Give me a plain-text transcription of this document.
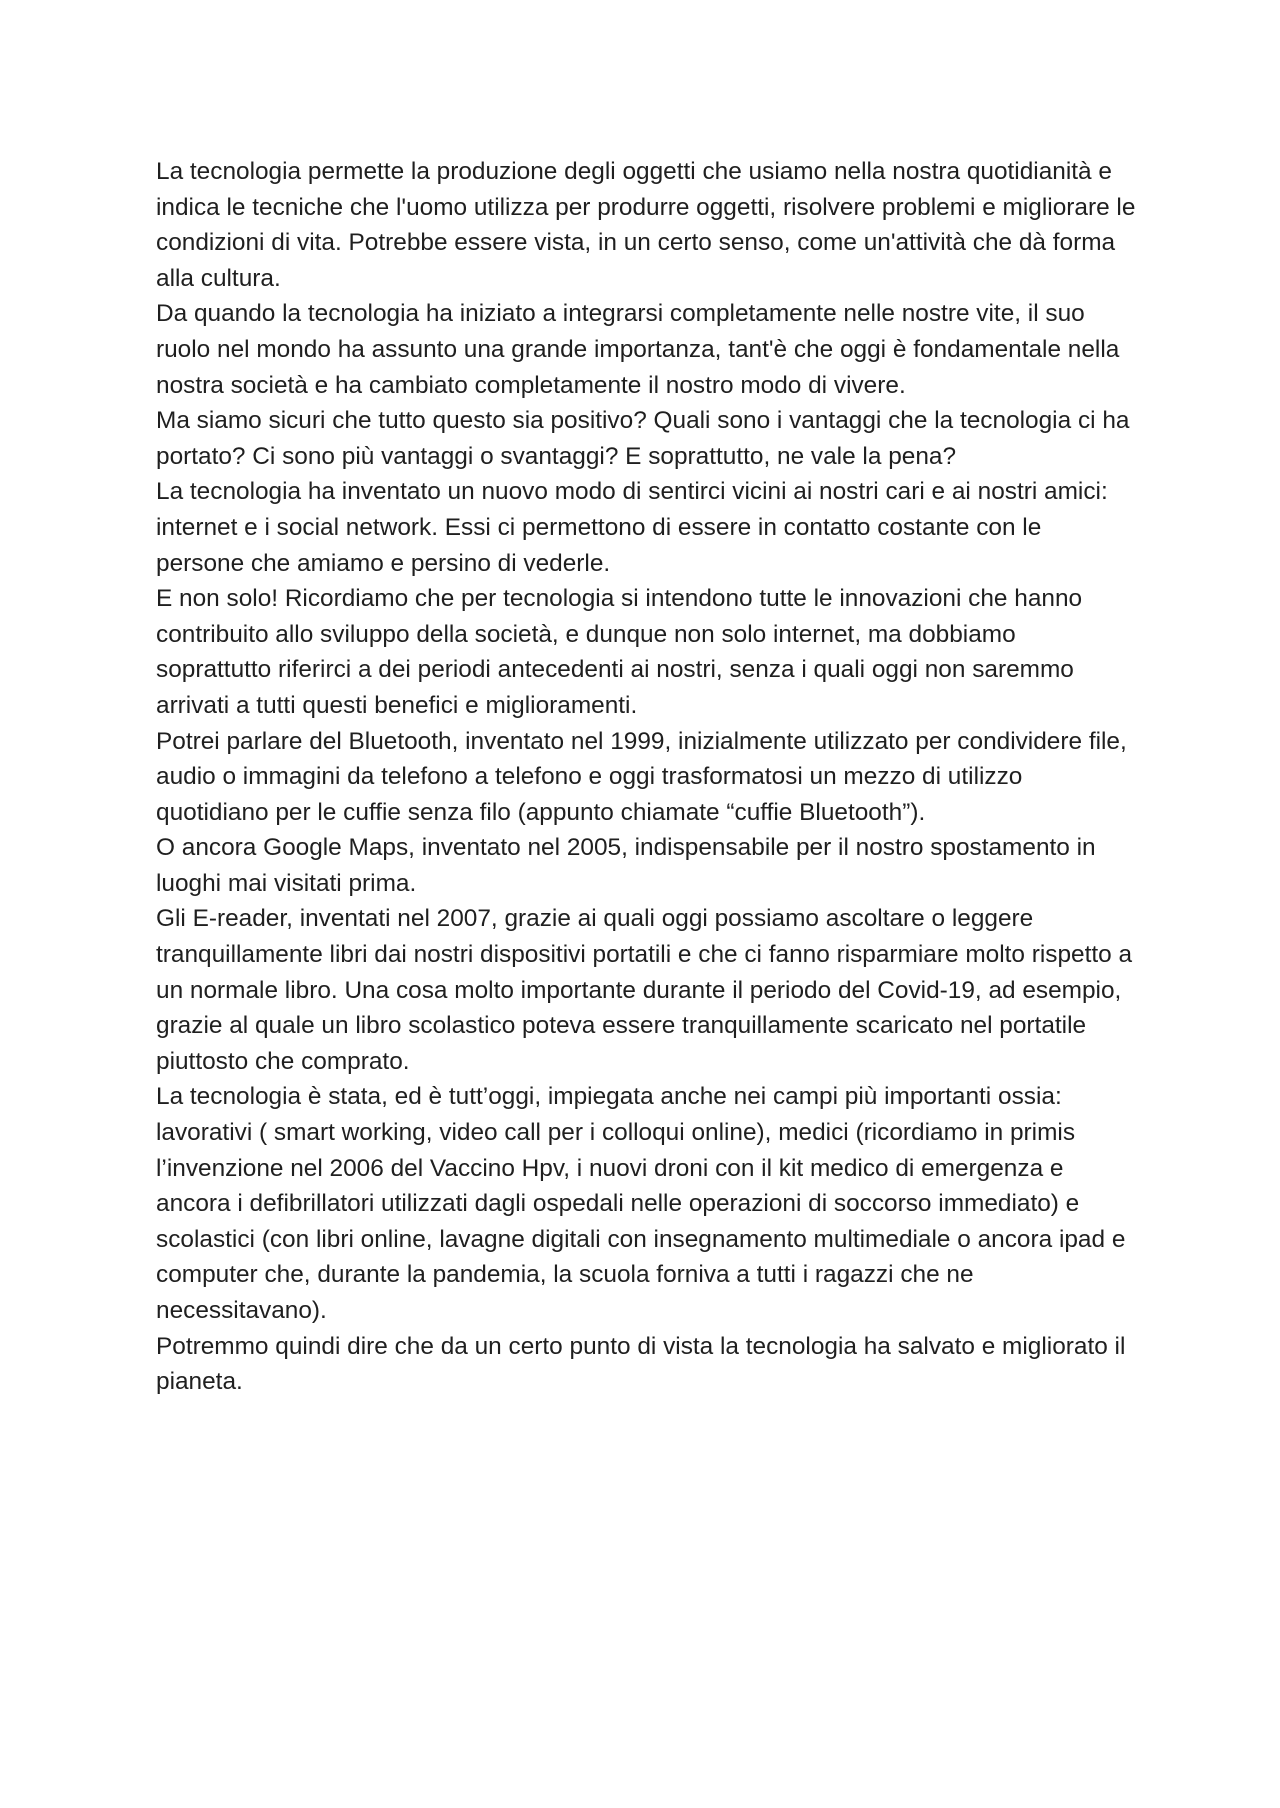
La tecnologia permette la produzione degli oggetti che usiamo nella nostra quotidianità e indica le tecniche che l'uomo utilizza per produrre oggetti, risolvere problemi e migliorare le condizioni di vita. Potrebbe essere vista, in un certo senso, come un'attività che dà forma alla cultura.

Da quando la tecnologia ha iniziato a integrarsi completamente nelle nostre vite, il suo ruolo nel mondo ha assunto una grande importanza, tant'è che oggi è fondamentale nella nostra società e ha cambiato completamente il nostro modo di vivere.

Ma siamo sicuri che tutto questo sia positivo? Quali sono i vantaggi che la tecnologia ci ha portato? Ci sono più vantaggi o svantaggi? E soprattutto, ne vale la pena?

La tecnologia ha inventato un nuovo modo di sentirci vicini ai nostri cari e ai nostri amici: internet e i social network. Essi ci permettono di essere in contatto costante con le persone che amiamo e persino di vederle.

E non solo! Ricordiamo che per tecnologia si intendono tutte le innovazioni che hanno contribuito allo sviluppo della società, e dunque non solo internet, ma dobbiamo soprattutto riferirci a dei periodi antecedenti ai nostri, senza i quali oggi non saremmo arrivati a tutti questi benefici e miglioramenti.

Potrei parlare del Bluetooth, inventato nel 1999, inizialmente utilizzato per condividere file, audio o immagini da telefono a telefono e oggi trasformatosi un mezzo di utilizzo quotidiano per le cuffie senza filo (appunto chiamate “cuffie Bluetooth”).

O ancora Google Maps, inventato nel 2005, indispensabile per il nostro spostamento in luoghi mai visitati prima.

Gli E-reader, inventati nel 2007, grazie ai quali oggi possiamo ascoltare o leggere tranquillamente libri dai nostri dispositivi portatili e che ci fanno risparmiare molto rispetto a un normale libro. Una cosa molto importante durante il periodo del Covid-19, ad esempio, grazie al quale un libro scolastico poteva essere tranquillamente scaricato nel portatile piuttosto che comprato.

La tecnologia è stata, ed è tutt’oggi, impiegata anche nei campi più importanti ossia: lavorativi ( smart working, video call per i colloqui online), medici (ricordiamo in primis l’invenzione nel 2006 del Vaccino Hpv, i nuovi droni con il kit medico di emergenza e ancora i defibrillatori utilizzati dagli ospedali nelle operazioni di soccorso immediato) e scolastici (con libri online, lavagne digitali con insegnamento multimediale o ancora ipad e computer che, durante la pandemia, la scuola forniva a tutti i ragazzi che ne necessitavano).

Potremmo quindi dire che da un certo punto di vista la tecnologia ha salvato e migliorato il pianeta.
